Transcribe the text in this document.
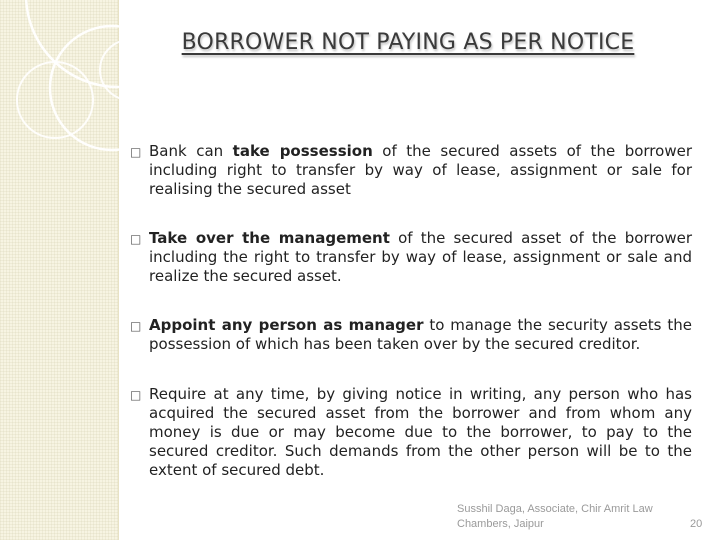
BORROWER NOT PAYING AS PER NOTICE
□ Bank can take possession of the secured assets of the borrower including right to transfer by way of lease, assignment or sale for realising the secured asset
□ Take over the management of the secured asset of the borrower including the right to transfer by way of lease, assignment or sale and realize the secured asset.
□ Appoint any person as manager to manage the security assets the possession of which has been taken over by the secured creditor.
□ Require at any time, by giving notice in writing, any person who has acquired the secured asset from the borrower and from whom any money is due or may become due to the borrower, to pay to the secured creditor. Such demands from the other person will be to the extent of secured debt.
Susshil Daga, Associate, Chir Amrit Law
Chambers, Jaipur	20
